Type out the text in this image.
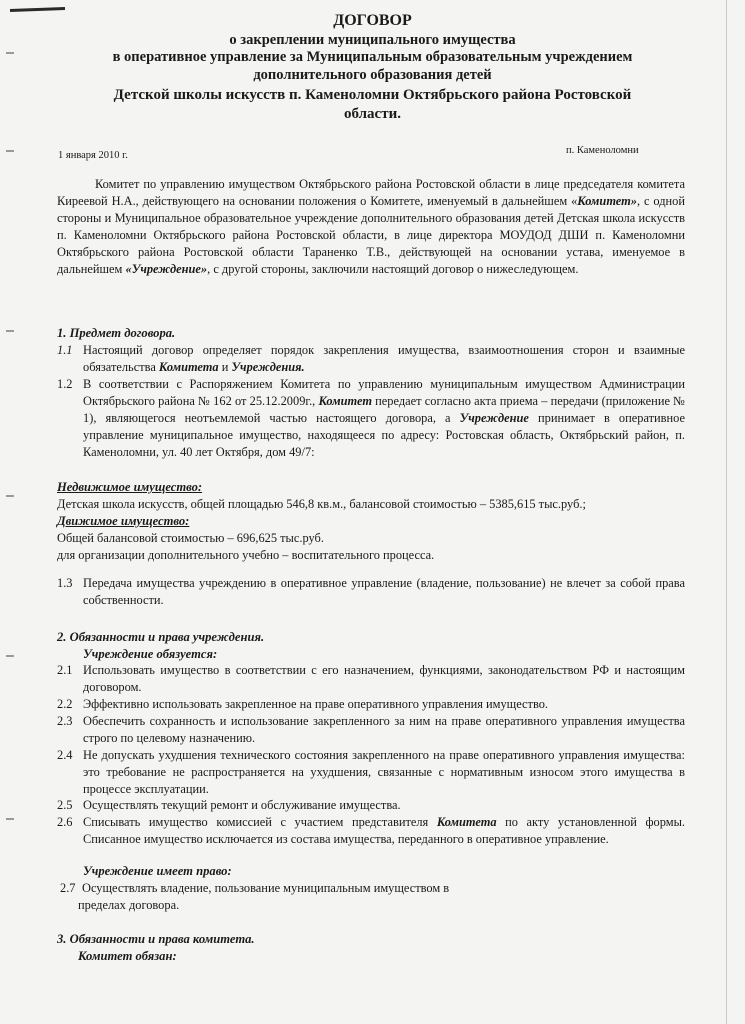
ДОГОВОР
о закреплении муниципального имущества
в оперативное управление за Муниципальным образовательным учреждением
дополнительного образования детей
Детской школы искусств п. Каменоломни Октябрьского района Ростовской
области.
1 января 2010 г.	п. Каменоломни
Комитет по управлению имуществом Октябрьского района Ростовской области в лице председателя комитета Киреевой Н.А., действующего на основании положения о Комитете, именуемый в дальнейшем «Комитет», с одной стороны и Муниципальное образовательное учреждение дополнительного образования детей Детская школа искусств п. Каменоломни Октябрьского района Ростовской области, в лице директора МОУДОД ДШИ п. Каменоломни Октябрьского района Ростовской области Тараненко Т.В., действующей на основании устава, именуемое в дальнейшем «Учреждение», с другой стороны, заключили настоящий договор о нижеследующем.
1. Предмет договора.
1.1 Настоящий договор определяет порядок закрепления имущества, взаимоотношения сторон и взаимные обязательства Комитета и Учреждения.
1.2 В соответствии с Распоряжением Комитета по управлению муниципальным имуществом Администрации Октябрьского района № 162 от 25.12.2009г., Комитет передает согласно акта приема – передачи (приложение № 1), являющегося неотъемлемой частью настоящего договора, а Учреждение принимает в оперативное управление муниципальное имущество, находящееся по адресу: Ростовская область, Октябрьский район, п. Каменоломни, ул. 40 лет Октября, дом 49/7:
Недвижимое имущество:
Детская школа искусств, общей площадью 546,8 кв.м., балансовой стоимостью – 5385,615 тыс.руб.;
Движимое имущество:
Общей балансовой стоимостью – 696,625 тыс.руб.
для организации дополнительного учебно – воспитательного процесса.
1.3 Передача имущества учреждению в оперативное управление (владение, пользование) не влечет за собой права собственности.
2. Обязанности и права учреждения.
Учреждение обязуется:
2.1 Использовать имущество в соответствии с его назначением, функциями, законодательством РФ и настоящим договором.
2.2 Эффективно использовать закрепленное на праве оперативного управления имущество.
2.3 Обеспечить сохранность и использование закрепленного за ним на праве оперативного управления имущества строго по целевому назначению.
2.4 Не допускать ухудшения технического состояния закрепленного на праве оперативного управления имущества: это требование не распространяется на ухудшения, связанные с нормативным износом этого имущества в процессе эксплуатации.
2.5 Осуществлять текущий ремонт и обслуживание имущества.
2.6 Списывать имущество комиссией с участием представителя Комитета по акту установленной формы. Списанное имущество исключается из состава имущества, переданного в оперативное управление.
Учреждение имеет право:
2.7 Осуществлять владение, пользование муниципальным имуществом в
пределах договора.
3. Обязанности и права комитета.
Комитет обязан:
